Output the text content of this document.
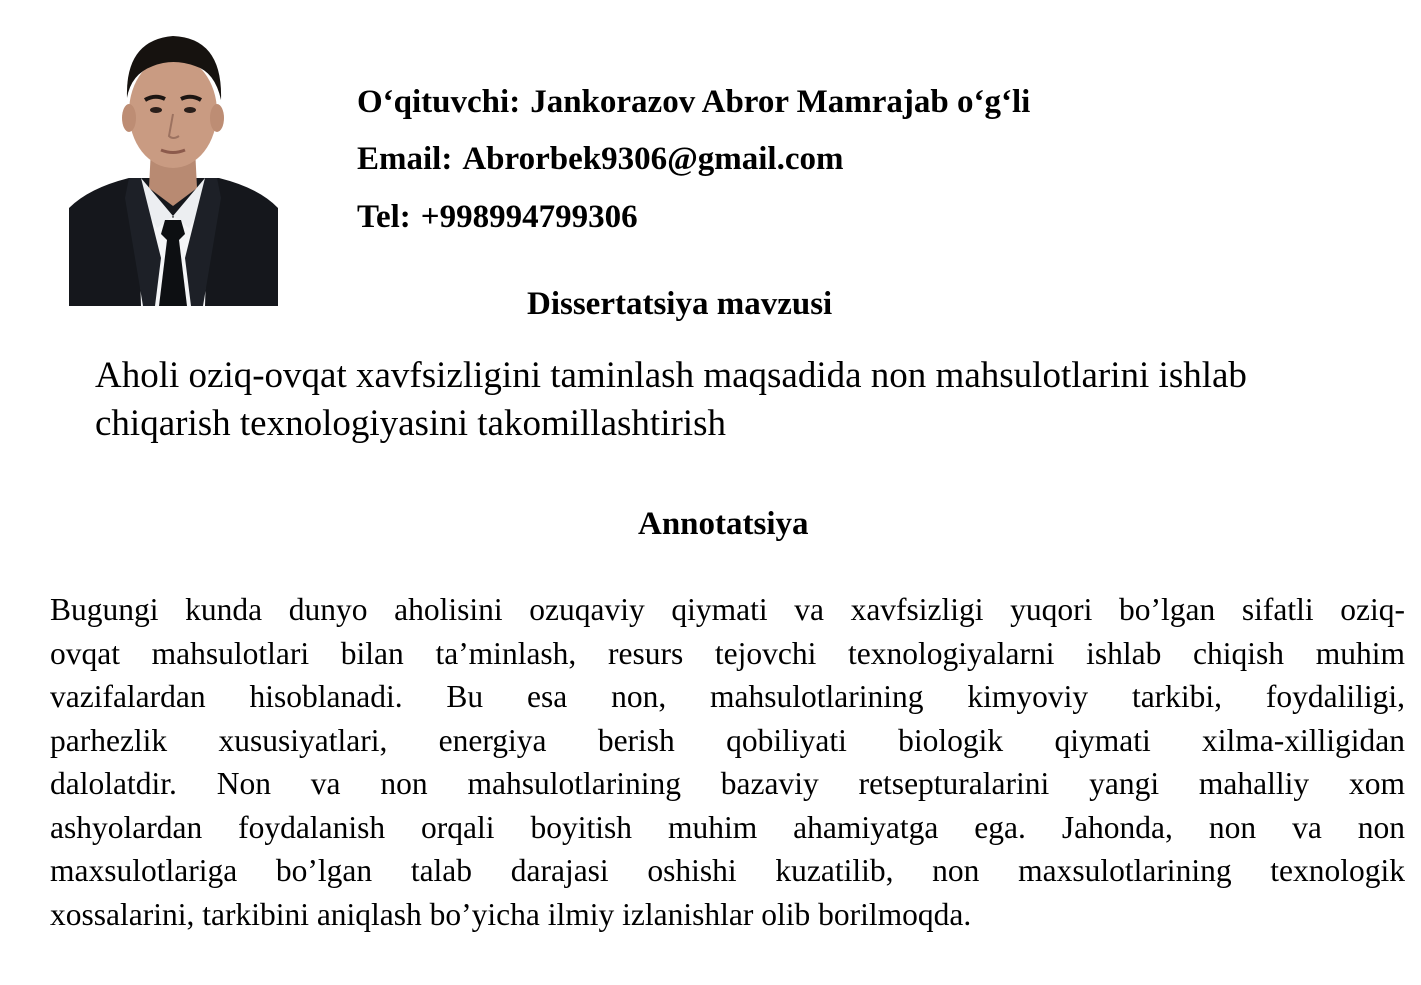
O‘qituvchi: Jankorazov Abror Mamrajab o‘g‘li
Email: Abrorbek9306@gmail.com
Tel: +998994799306
Dissertatsiya mavzusi
Aholi oziq-ovqat xavfsizligini taminlash maqsadida non mahsulotlarini ishlab chiqarish texnologiyasini takomillashtirish
Annotatsiya
Bugungi kunda dunyo aholisini ozuqaviy qiymati va xavfsizligi yuqori bo’lgan sifatli oziq-
ovqat mahsulotlari bilan ta’minlash, resurs tejovchi texnologiyalarni ishlab chiqish muhim
vazifalardan hisoblanadi. Bu esa non, mahsulotlarining kimyoviy tarkibi, foydaliligi,
parhezlik xususiyatlari, energiya berish qobiliyati biologik qiymati xilma-xilligidan
dalolatdir. Non va non mahsulotlarining bazaviy retsepturalarini yangi mahalliy xom
ashyolardan foydalanish orqali boyitish muhim ahamiyatga ega. Jahonda, non va non
maxsulotlariga bo’lgan talab darajasi oshishi kuzatilib, non maxsulotlarining texnologik
xossalarini, tarkibini aniqlash bo’yicha ilmiy izlanishlar olib borilmoqda.
